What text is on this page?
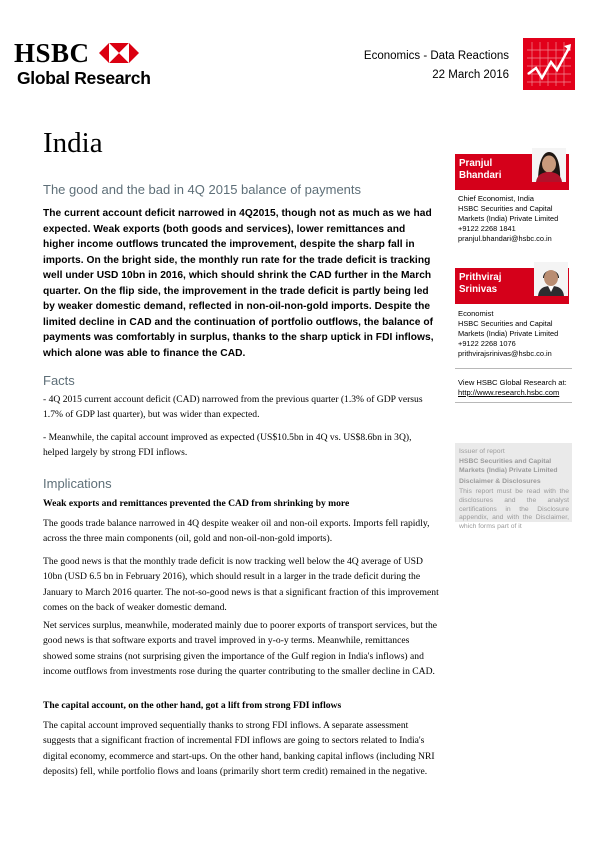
HSBC
Global Research
Economics - Data Reactions
22 March 2016
India
The good and the bad in 4Q 2015 balance of payments
The current account deficit narrowed in 4Q2015, though not as much as we had expected. Weak exports (both goods and services), lower remittances and higher income outflows truncated the improvement, despite the sharp fall in imports. On the bright side, the monthly run rate for the trade deficit is tracking well under USD 10bn in 2016, which should shrink the CAD further in the March quarter. On the flip side, the improvement in the trade deficit is partly being led by weaker domestic demand, reflected in non-oil-non-gold imports. Despite the limited decline in CAD and the continuation of portfolio outflows, the balance of payments was comfortably in surplus, thanks to the sharp uptick in FDI inflows, which alone was able to finance the CAD.
Facts
- 4Q 2015 current account deficit (CAD) narrowed from the previous quarter (1.3% of GDP versus 1.7% of GDP last quarter), but was wider than expected.
- Meanwhile, the capital account improved as expected (US$10.5bn in 4Q vs. US$8.6bn in 3Q), helped largely by strong FDI inflows.
Implications
Weak exports and remittances prevented the CAD from shrinking by more
The goods trade balance narrowed in 4Q despite weaker oil and non-oil exports. Imports fell rapidly, across the three main components (oil, gold and non-oil-non-gold imports).
The good news is that the monthly trade deficit is now tracking well below the 4Q average of USD 10bn (USD 6.5 bn in February 2016), which should result in a larger in the trade deficit during the January to March 2016 quarter. The not-so-good news is that a significant fraction of this improvement comes on the back of weaker domestic demand.
Net services surplus, meanwhile, moderated mainly due to poorer exports of transport services, but the good news is that software exports and travel improved in y-o-y terms. Meanwhile, remittances showed some strains (not surprising given the importance of the Gulf region in India's inflows) and income outflows from investments rose during the quarter contributing to the smaller decline in CAD.
The capital account, on the other hand, got a lift from strong FDI inflows
The capital account improved sequentially thanks to strong FDI inflows. A separate assessment suggests that a significant fraction of incremental FDI inflows are going to sectors related to India's digital economy, ecommerce and start-ups. On the other hand, banking capital inflows (including NRI deposits) fell, while portfolio flows and loans (primarily short term credit) remained in the negative.
Pranjul
Bhandari
Chief Economist, India
HSBC Securities and Capital Markets (India) Private Limited
+9122 2268 1841
pranjul.bhandari@hsbc.co.in
Prithviraj
Srinivas
Economist
HSBC Securities and Capital Markets (India) Private Limited
+9122 2268 1076
prithvirajsrinivas@hsbc.co.in
View HSBC Global Research at:
http://www.research.hsbc.com
Issuer of report
HSBC Securities and Capital Markets (India) Private Limited
Disclaimer & Disclosures
This report must be read with the disclosures and the analyst certifications in the Disclosure appendix, and with the Disclaimer, which forms part of it
